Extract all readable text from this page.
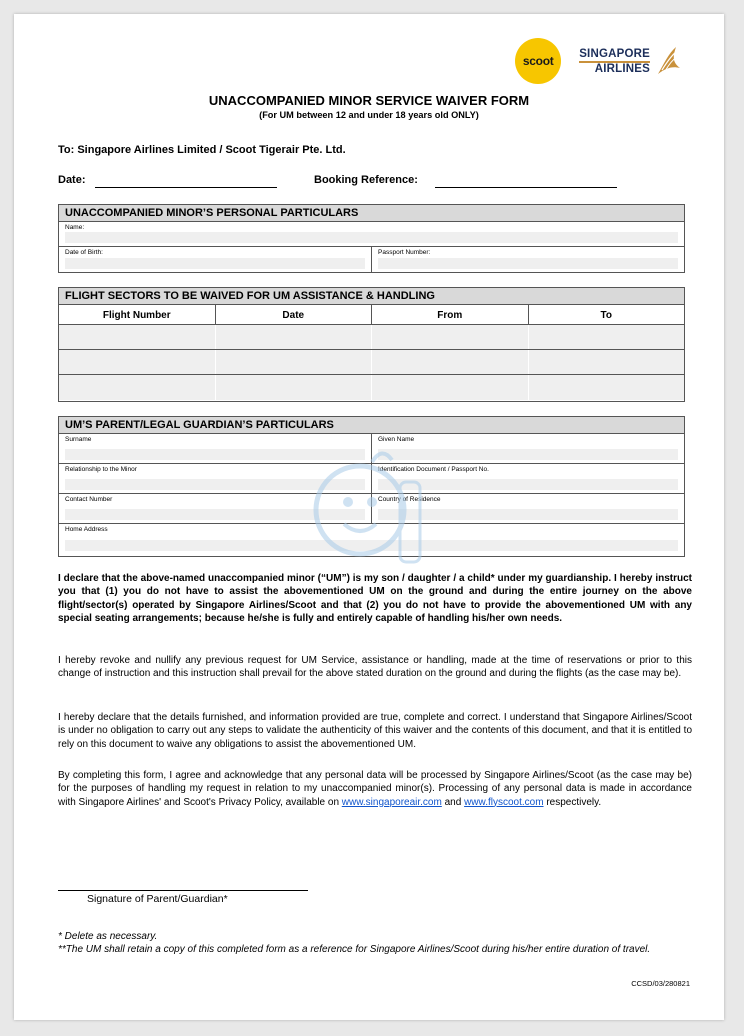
scoot
SINGAPORE
AIRLINES
UNACCOMPANIED MINOR SERVICE WAIVER FORM
(For UM between 12 and under 18 years old ONLY)
To: Singapore Airlines Limited / Scoot Tigerair Pte. Ltd.
Date:	Booking Reference:
UNACCOMPANIED MINOR’S PERSONAL PARTICULARS
Name:
Date of Birth:	Passport Number:
FLIGHT SECTORS TO BE WAIVED FOR UM ASSISTANCE & HANDLING
Flight Number	Date	From	To
UM’S PARENT/LEGAL GUARDIAN’S PARTICULARS
Surname	Given Name
Relationship to the Minor	Identification Document / Passport No.
Contact Number	Country of Residence
Home Address
I declare that the above-named unaccompanied minor (“UM”) is my son / daughter / a child* under my guardianship. I hereby instruct you that (1) you do not have to assist the abovementioned UM on the ground and during the entire journey on the above flight/sector(s) operated by Singapore Airlines/Scoot and that (2) you do not have to provide the abovementioned UM with any special seating arrangements; because he/she is fully and entirely capable of handling his/her own needs.
I hereby revoke and nullify any previous request for UM Service, assistance or handling, made at the time of reservations or prior to this change of instruction and this instruction shall prevail for the above stated duration on the ground and during the flights (as the case may be).
I hereby declare that the details furnished, and information provided are true, complete and correct. I understand that Singapore Airlines/Scoot is under no obligation to carry out any steps to validate the authenticity of this waiver and the contents of this document, and that it is entitled to rely on this document to waive any obligations to assist the abovementioned UM.
By completing this form, I agree and acknowledge that any personal data will be processed by Singapore Airlines/Scoot (as the case may be) for the purposes of handling my request in relation to my unaccompanied minor(s). Processing of any personal data is made in accordance with Singapore Airlines' and Scoot's Privacy Policy, available on www.singaporeair.com and www.flyscoot.com respectively.
Signature of Parent/Guardian*
* Delete as necessary.
**The UM shall retain a copy of this completed form as a reference for Singapore Airlines/Scoot during his/her entire duration of travel.
CCSD/03/280821
